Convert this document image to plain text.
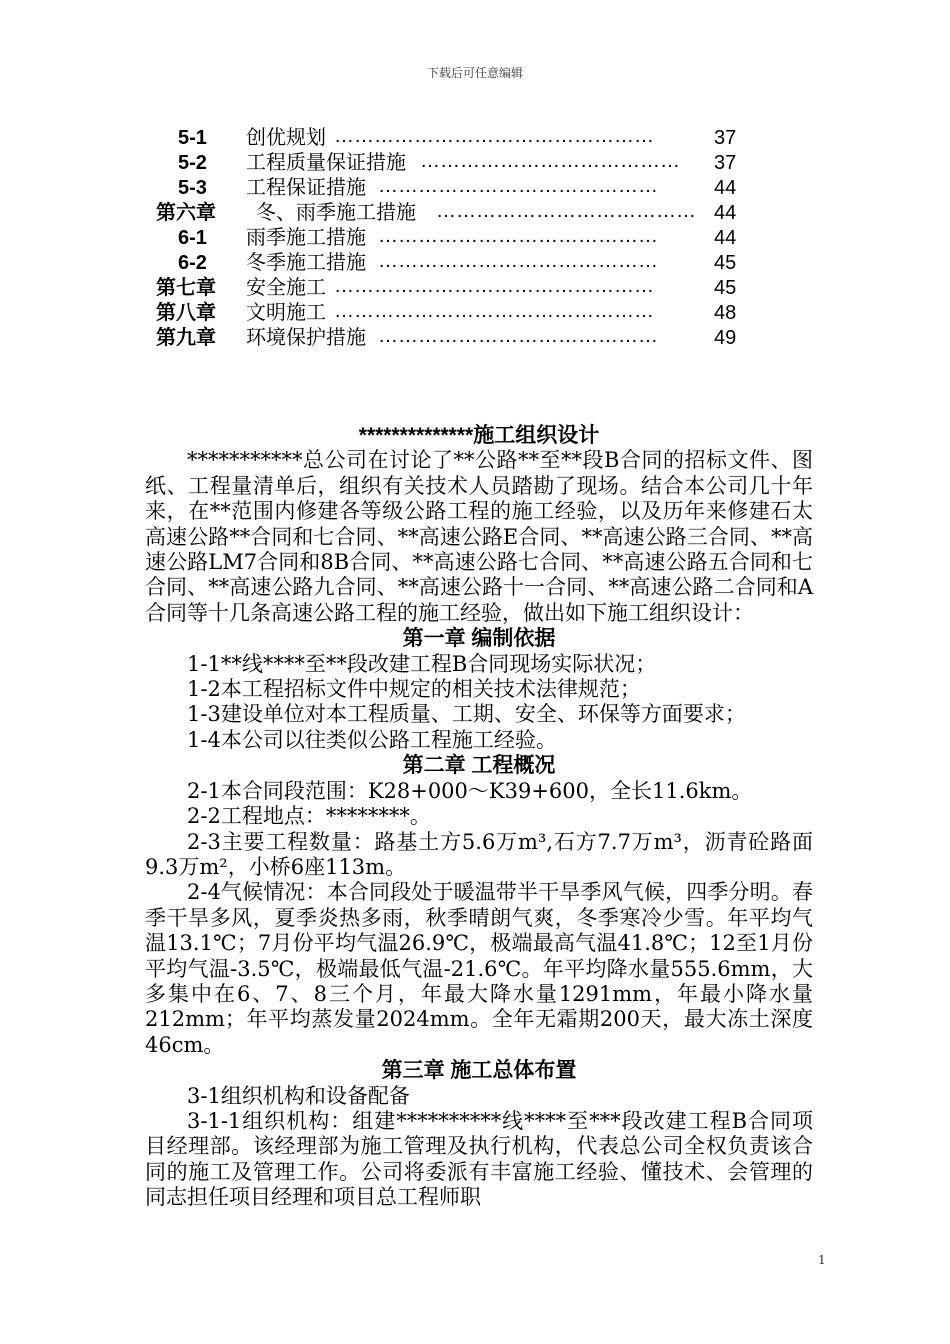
下载后可任意编辑
5-1 创优规划 …………………………………………	37
5-2 工程质量保证措施 ………………………………… 37
5-3 工程保证措施 ……………………………………	44
第六章 冬、雨季施工措施 ………………………………… 44
6-1 雨季施工措施 ……………………………………	44
6-2 冬季施工措施 ……………………………………	45
第七章 安全施工 …………………………………………	45
第八章 文明施工 …………………………………………	48
第九章 环境保护措施 ……………………………………	49

**************施工组织设计

***********总公司在讨论了**公路**至**段B合同的招标文件、图纸、工程量清单后，组织有关技术人员踏勘了现场。结合本公司几十年来，在**范围内修建各等级公路工程的施工经验，以及历年来修建石太高速公路**合同和七合同、**高速公路E合同、**高速公路三合同、**高速公路LM7合同和8B合同、**高速公路七合同、**高速公路五合同和七合同、**高速公路九合同、**高速公路十一合同、**高速公路二合同和A合同等十几条高速公路工程的施工经验，做出如下施工组织设计：

第一章 编制依据

1-1**线****至**段改建工程B合同现场实际状况；

1-2本工程招标文件中规定的相关技术法律规范；

1-3建设单位对本工程质量、工期、安全、环保等方面要求；

1-4本公司以往类似公路工程施工经验。

第二章 工程概况

2-1本合同段范围：K28+000～K39+600，全长11.6km。

2-2工程地点：********。

2-3主要工程数量：路基土方5.6万m³,石方7.7万m³，沥青砼路面9.3万m²，小桥6座113m。

2-4气候情况：本合同段处于暖温带半干旱季风气候，四季分明。春季干旱多风，夏季炎热多雨，秋季晴朗气爽，冬季寒冷少雪。年平均气温13.1℃；7月份平均气温26.9℃，极端最高气温41.8℃；12至1月份平均气温-3.5℃，极端最低气温-21.6℃。年平均降水量555.6mm，大多集中在6、7、8三个月，年最大降水量1291mm，年最小降水量212mm；年平均蒸发量2024mm。全年无霜期200天，最大冻土深度46cm。

第三章 施工总体布置

3-1组织机构和设备配备

3-1-1组织机构：组建**********线****至***段改建工程B合同项目经理部。该经理部为施工管理及执行机构，代表总公司全权负责该合同的施工及管理工作。公司将委派有丰富施工经验、懂技术、会管理的同志担任项目经理和项目总工程师职

1
